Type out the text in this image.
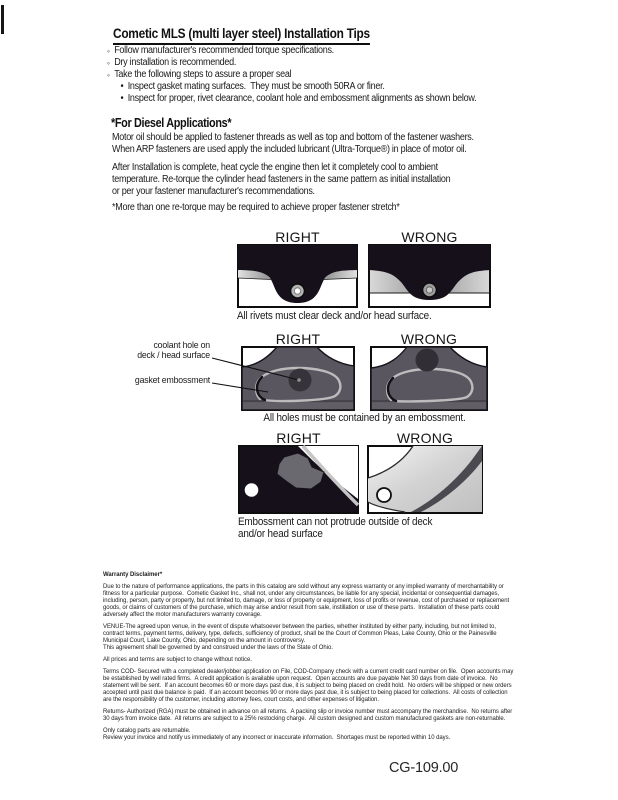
Cometic MLS (multi layer steel) Installation Tips
◦ Follow manufacturer's recommended torque specifications.
◦ Dry installation is recommended.
◦ Take the following steps to assure a proper seal
• Inspect gasket mating surfaces.  They must be smooth 50RA or finer.
• Inspect for proper, rivet clearance, coolant hole and embossment alignments as shown below.
*For Diesel Applications*
Motor oil should be applied to fastener threads as well as top and bottom of the fastener washers.
When ARP fasteners are used apply the included lubricant (Ultra-Torque®) in place of motor oil.
After Installation is complete, heat cycle the engine then let it completely cool to ambient
temperature. Re-torque the cylinder head fasteners in the same pattern as initial installation
or per your fastener manufacturer's recommendations.
*More than one re-torque may be required to achieve proper fastener stretch*
RIGHT	WRONG
All rivets must clear deck and/or head surface.
RIGHT	WRONG
coolant hole on
deck / head surface
gasket embossment
All holes must be contained by an embossment.
RIGHT	WRONG
Embossment can not protrude outside of deck
and/or head surface
Warranty Disclaimer*
Due to the nature of performance applications, the parts in this catalog are sold without any express warranty or any implied warranty of merchantability or
fitness for a particular purpose.  Cometic Gasket Inc., shall not, under any circumstances, be liable for any special, incidental or consequential damages,
including, person, party or property, but not limited to, damage, or loss of property or equipment, loss of profits or revenue, cost of purchased or replacement
goods, or claims of customers of the purchase, which may arise and/or result from sale, instillation or use of these parts.  Installation of these parts could
adversely affect the motor manufacturers warranty coverage.
VENUE-The agreed upon venue, in the event of dispute whatsoever between the parties, whether instituted by either party, including, but not limited to,
contract terms, payment terms, delivery, type, defects, sufficiency of product, shall be the Court of Common Pleas, Lake County, Ohio or the Painesville
Municipal Court, Lake County, Ohio, depending on the amount in controversy.
This agreement shall be governed by and construed under the laws of the State of Ohio.
All prices and terms are subject to change without notice.
Terms COD- Secured with a completed dealer/jobber application on File, COD-Company check with a current credit card number on file.  Open accounts may
be established by well rated firms.  A credit application is available upon request.  Open accounts are due payable Net 30 days from date of invoice.  No
statement will be sent.  If an account becomes 60 or more days past due, it is subject to being placed on credit hold.  No orders will be shipped or new orders
accepted until past due balance is paid.  If an account becomes 90 or more days past due, it is subject to being placed for collections.  All costs of collection
are the responsibility of the customer, including attorney fees, court costs, and other expenses of litigation.
Returns- Authorized (RGA) must be obtained in advance on all returns.  A packing slip or invoice number must accompany the merchandise.  No returns after
30 days from invoice date.  All returns are subject to a 25% restocking charge.  All custom designed and custom manufactured gaskets are non-returnable.
Only catalog parts are returnable.
Review your invoice and notify us immediately of any incorrect or inaccurate information.  Shortages must be reported within 10 days.
CG-109.00
